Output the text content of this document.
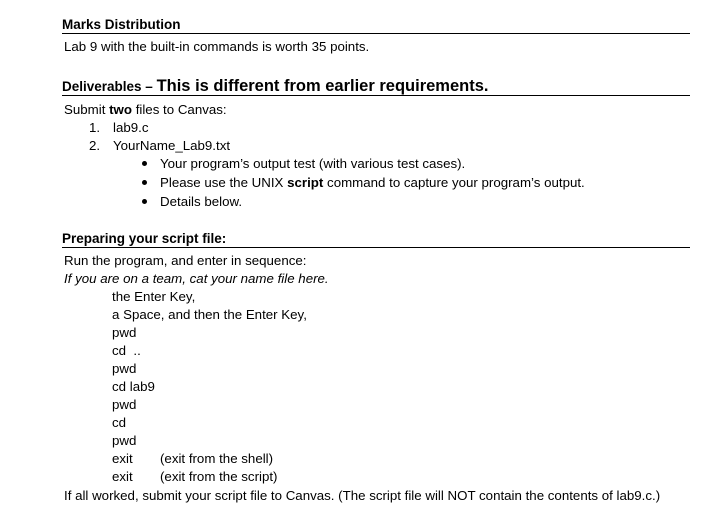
Marks Distribution
Lab 9 with the built-in commands is worth 35 points.
Deliverables – This is different from earlier requirements.
Submit two files to Canvas:
1. lab9.c
2. YourName_Lab9.txt
Your program’s output test (with various test cases).
Please use the UNIX script command to capture your program’s output.
Details below.
Preparing your script file:
Run the program, and enter in sequence:
If you are on a team, cat your name file here.
the Enter Key,
a Space, and then the Enter Key,
pwd
cd  ..
pwd
cd lab9
pwd
cd
pwd
exit (exit from the shell)
exit (exit from the script)
If all worked, submit your script file to Canvas. (The script file will NOT contain the contents of lab9.c.)
